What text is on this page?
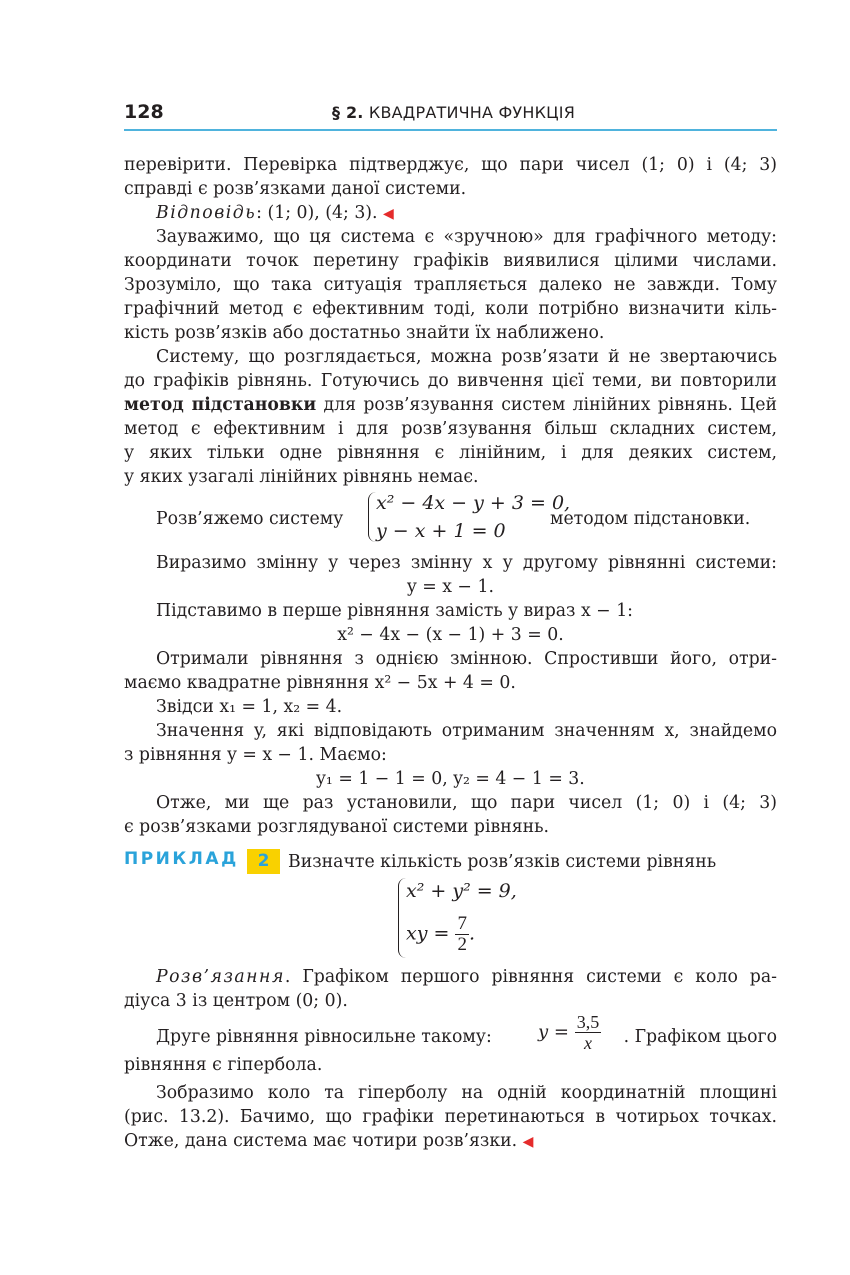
128	§ 2. КВАДРАТИЧНА ФУНКЦІЯ

перевірити. Перевірка підтверджує, що пари чисел (1; 0) і (4; 3)

справді є розв’язками даної системи.

Відповідь: (1; 0), (4; 3). ◀

Зауважимо, що ця система є «зручною» для графічного методу:

координати точок перетину графіків виявилися цілими числами.

Зрозуміло, що така ситуація трапляється далеко не завжди. Тому

графічний метод є ефективним тоді, коли потрібно визначити кіль-

кість розв’язків або достатньо знайти їх наближено.

Систему, що розглядається, можна розв’язати й не звертаючись

до графіків рівнянь. Готуючись до вивчення цієї теми, ви повторили

метод підстановки для розв’язування систем лінійних рівнянь. Цей

метод є ефективним і для розв’язування більш складних систем,

у яких тільки одне рівняння є лінійним, і для деяких систем,

у яких узагалі лінійних рівнянь немає.

Розв’яжемо систему

x² − 4x − y + 3 = 0,
y − x + 1 = 0

методом підстановки.

Виразимо змінну y через змінну x у другому рівнянні системи:

y = x − 1.

Підставимо в перше рівняння замість y вираз x − 1:

x² − 4x − (x − 1) + 3 = 0.

Отримали рівняння з однією змінною. Спростивши його, отри-

маємо квадратне рівняння x² − 5x + 4 = 0.

Звідси x₁ = 1, x₂ = 4.

Значення y, які відповідають отриманим значенням x, знайдемо

з рівняння y = x − 1. Маємо:

y₁ = 1 − 1 = 0, y₂ = 4 − 1 = 3.

Отже, ми ще раз установили, що пари чисел (1; 0) і (4; 3)

є розв’язками розглядуваної системи рівнянь.

ПРИКЛАД	2	Визначте кількість розв’язків системи рівнянь

x² + y² = 9,
xy = $\frac{7}{2}$ .

Розв’язання. Графіком першого рівняння системи є коло ра-

діуса 3 із центром (0; 0).

Друге рівняння рівносильне такому:	$y = \frac{3,5}{x}$	. Графіком цього

рівняння є гіпербола.

Зобразимо коло та гіперболу на одній координатній площині

(рис. 13.2). Бачимо, що графіки перетинаються в чотирьох точках.

Отже, дана система має чотири розв’язки. ◀
